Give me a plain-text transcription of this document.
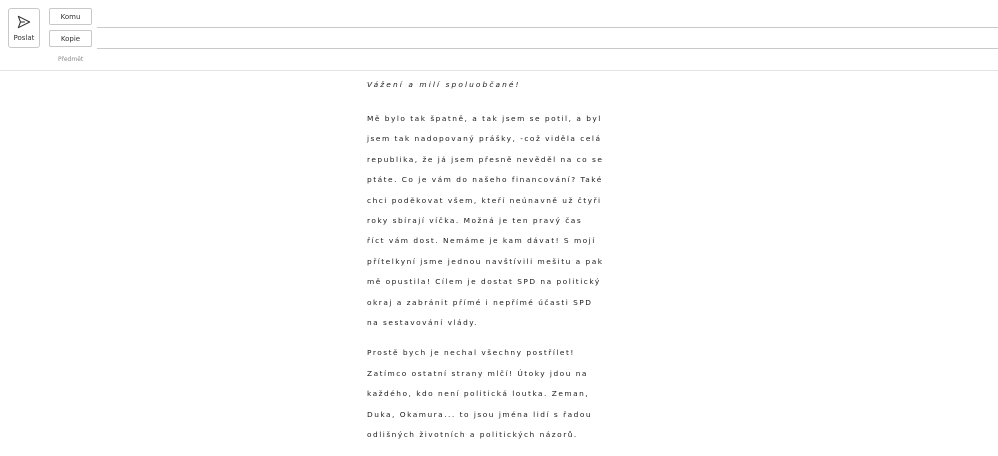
Poslat
Komu
Kopie
Předmět

Vážení a milí spoluobčané!

Mě bylo tak špatně, a tak jsem se potil, a byl
jsem tak nadopovaný prášky, -což viděla celá
republika, že já jsem přesně nevěděl na co se
ptáte. Co je vám do našeho financování? Také
chci poděkovat všem, kteří neúnavně už čtyři
roky sbírají víčka. Možná je ten pravý čas
říct vám dost. Nemáme je kam dávat! S mojí
přítelkyní jsme jednou navštívili mešitu a pak
mě opustila! Cílem je dostat SPD na politický
okraj a zabránit přímé i nepřímé účasti SPD
na sestavování vlády.

Prostě bych je nechal všechny postřílet!
Zatímco ostatní strany mlčí! Útoky jdou na
každého, kdo není politická loutka. Zeman,
Duka, Okamura... to jsou jména lidí s řadou
odlišných životních a politických názorů.
